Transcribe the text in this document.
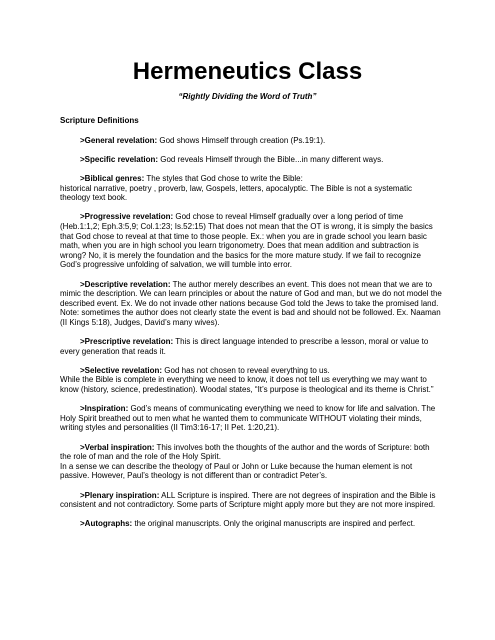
Hermeneutics Class
“Rightly Dividing the Word of Truth”
Scripture Definitions
>General revelation: God shows Himself through creation (Ps.19:1).
>Specific revelation: God reveals Himself through the Bible...in many different ways.
>Biblical genres: The styles that God chose to write the Bible:
historical narrative, poetry , proverb, law, Gospels, letters, apocalyptic. The Bible is not a systematic theology text book.
>Progressive revelation: God chose to reveal Himself gradually over a long period of time (Heb.1:1,2; Eph.3:5,9; Col.1:23; Is.52:15) That does not mean that the OT is wrong, it is simply the basics that God chose to reveal at that time to those people. Ex.: when you are in grade school you learn basic math, when you are in high school you learn trigonometry. Does that mean addition and subtraction is wrong? No, it is merely the foundation and the basics for the more mature study. If we fail to recognize God’s progressive unfolding of salvation, we will tumble into error.
>Descriptive revelation: The author merely describes an event. This does not mean that we are to mimic the description. We can learn principles or about the nature of God and man, but we do not model the described event. Ex. We do not invade other nations because God told the Jews to take the promised land. Note: sometimes the author does not clearly state the event is bad and should not be followed. Ex. Naaman (II Kings 5:18), Judges, David’s many wives).
>Prescriptive revelation: This is direct language intended to prescribe a lesson, moral or value to every generation that reads it.
>Selective revelation: God has not chosen to reveal everything to us.
While the Bible is complete in everything we need to know, it does not tell us everything we may want to know (history, science, predestination). Woodal states, “It’s purpose is theological and its theme is Christ.”
>Inspiration: God’s means of communicating everything we need to know for life and salvation. The Holy Spirit breathed out to men what he wanted them to communicate WITHOUT violating their minds, writing styles and personalities (II Tim3:16-17; II Pet. 1:20,21).
>Verbal inspiration: This involves both the thoughts of the author and the words of Scripture: both the role of man and the role of the Holy Spirit.
In a sense we can describe the theology of Paul or John or Luke because the human element is not passive. However, Paul’s theology is not different than or contradict Peter’s.
>Plenary inspiration: ALL Scripture is inspired. There are not degrees of inspiration and the Bible is consistent and not contradictory. Some parts of Scripture might apply more but they are not more inspired.
>Autographs: the original manuscripts. Only the original manuscripts are inspired and perfect.
